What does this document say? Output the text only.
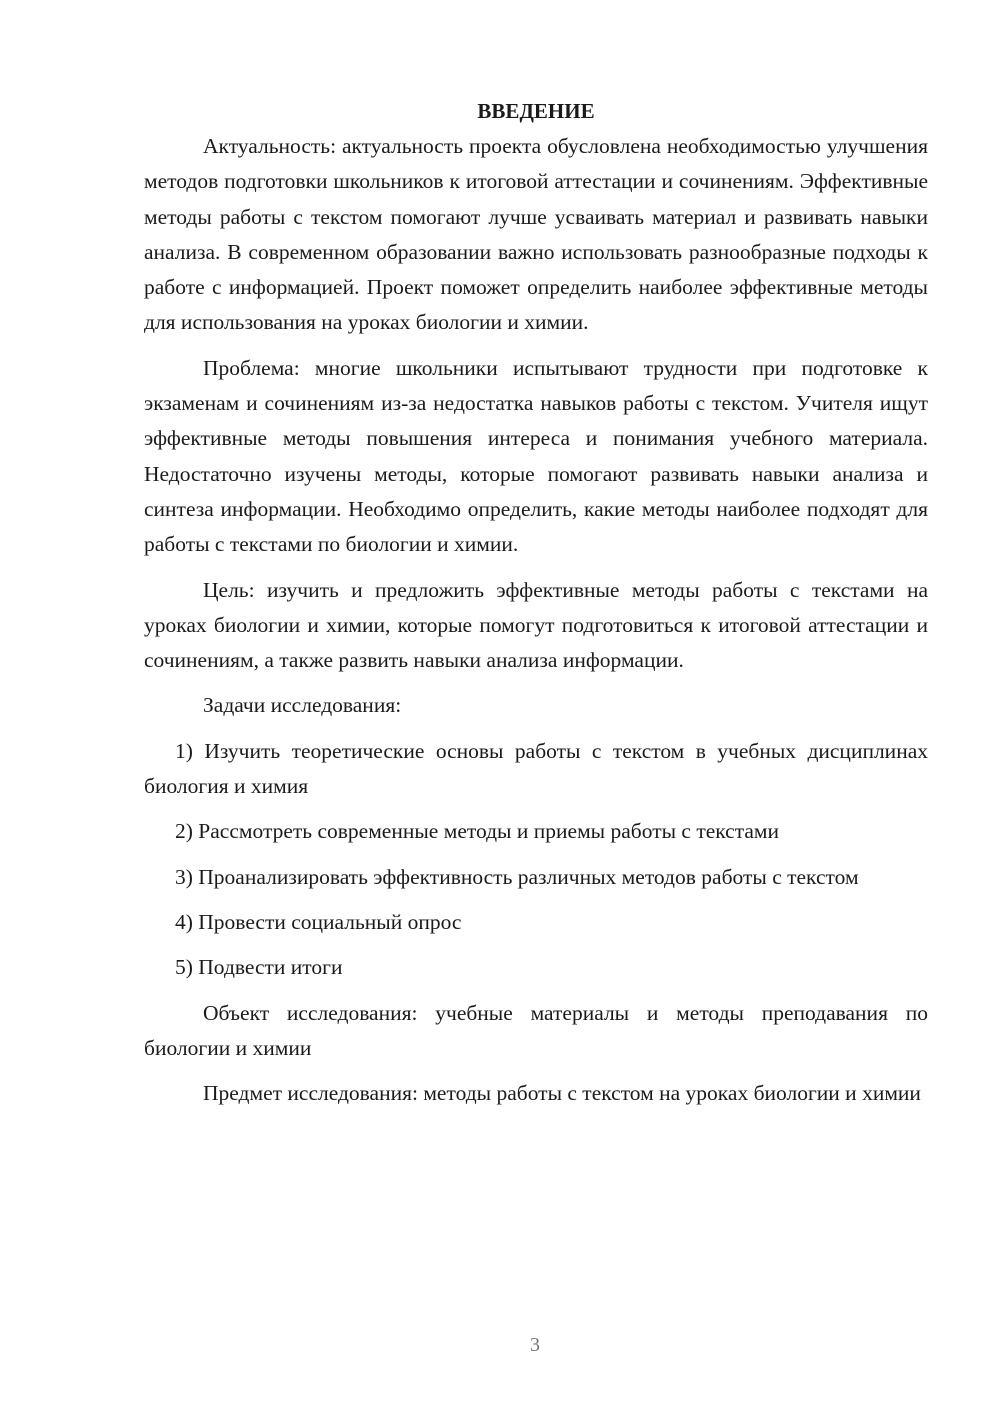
ВВЕДЕНИЕ

Актуальность: актуальность проекта обусловлена необходимостью улучшения методов подготовки школьников к итоговой аттестации и сочинениям. Эффективные методы работы с текстом помогают лучше усваивать материал и развивать навыки анализа. В современном образовании важно использовать разнообразные подходы к работе с информацией. Проект поможет определить наиболее эффективные методы для использования на уроках биологии и химии.

Проблема: многие школьники испытывают трудности при подготовке к экзаменам и сочинениям из-за недостатка навыков работы с текстом. Учителя ищут эффективные методы повышения интереса и понимания учебного материала. Недостаточно изучены методы, которые помогают развивать навыки анализа и синтеза информации. Необходимо определить, какие методы наиболее подходят для работы с текстами по биологии и химии.

Цель: изучить и предложить эффективные методы работы с текстами на уроках биологии и химии, которые помогут подготовиться к итоговой аттестации и сочинениям, а также развить навыки анализа информации.

Задачи исследования:

1) Изучить теоретические основы работы с текстом в учебных дисциплинах биология и химия

2) Рассмотреть современные методы и приемы работы с текстами

3) Проанализировать эффективность различных методов работы с текстом

4) Провести социальный опрос

5) Подвести итоги

Объект исследования: учебные материалы и методы преподавания по биологии и химии

Предмет исследования: методы работы с текстом на уроках биологии и химии

3
